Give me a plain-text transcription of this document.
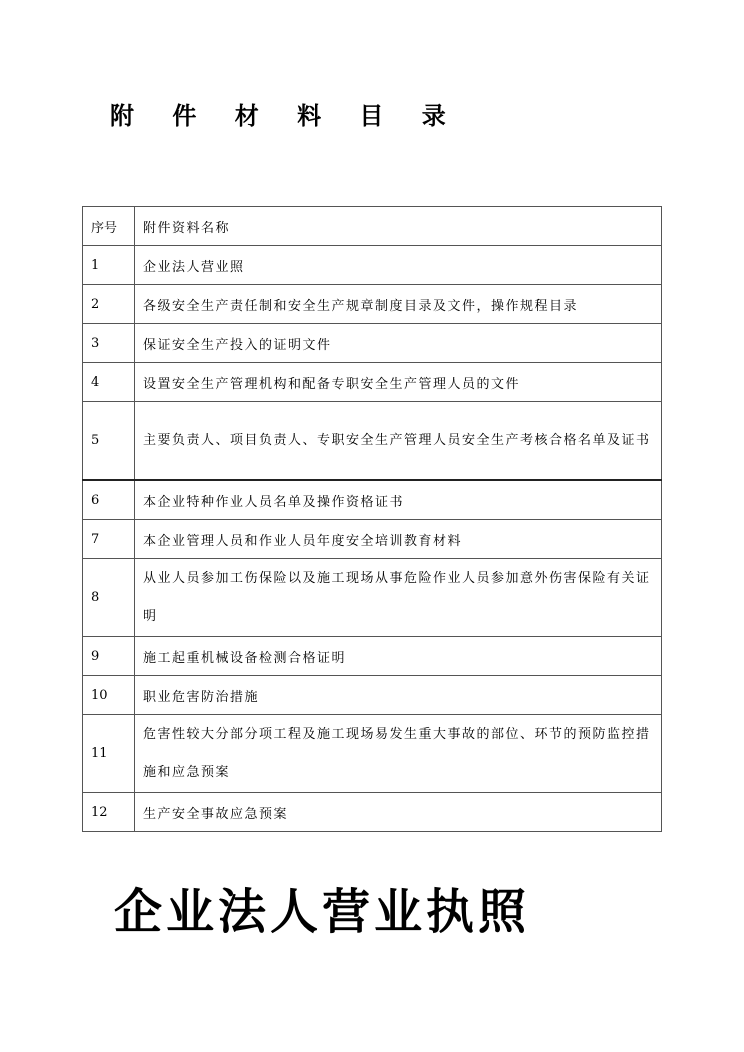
附 件 材 料 目 录
序号	附件资料名称
1	企业法人营业照
2	各级安全生产责任制和安全生产规章制度目录及文件，操作规程目录
3	保证安全生产投入的证明文件
4	设置安全生产管理机构和配备专职安全生产管理人员的文件
5	主要负责人、项目负责人、专职安全生产管理人员安全生产考核合格名单及证书
6	本企业特种作业人员名单及操作资格证书
7	本企业管理人员和作业人员年度安全培训教育材料
8	从业人员参加工伤保险以及施工现场从事危险作业人员参加意外伤害保险有关证明
9	施工起重机械设备检测合格证明
10	职业危害防治措施
11	危害性较大分部分项工程及施工现场易发生重大事故的部位、环节的预防监控措施和应急预案
12	生产安全事故应急预案
企业法人营业执照
